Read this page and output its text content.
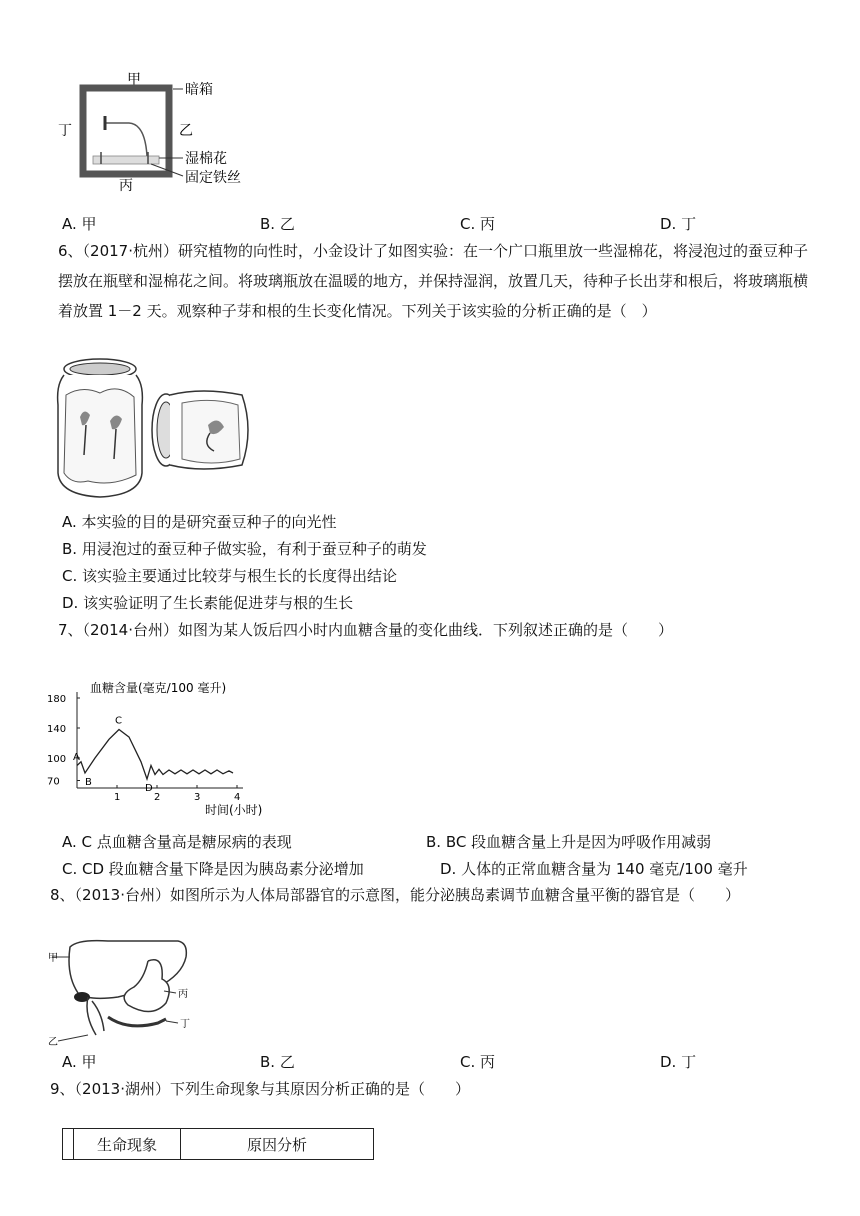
甲
丁	乙
丙
暗箱
湿棉花
固定铁丝
A. 甲	B. 乙	C. 丙	D. 丁
6、（2017·杭州）研究植物的向性时，小金设计了如图实验：在一个广口瓶里放一些湿棉花，将浸泡过的蚕豆种子摆放在瓶壁和湿棉花之间。将玻璃瓶放在温暖的地方，并保持湿润，放置几天，待种子长出芽和根后，将玻璃瓶横着放置 1－2 天。观察种子芽和根的生长变化情况。下列关于该实验的分析正确的是（　）
A. 本实验的目的是研究蚕豆种子的向光性
B. 用浸泡过的蚕豆种子做实验，有利于蚕豆种子的萌发
C. 该实验主要通过比较芽与根生长的长度得出结论
D. 该实验证明了生长素能促进芽与根的生长
7、（2014·台州）如图为某人饭后四小时内血糖含量的变化曲线．下列叙述正确的是（　　）
血糖含量(毫克/100 毫升)
时间(小时)
1	2	3	4
180
140
100
70
A
B
C
D
A. C 点血糖含量高是糖尿病的表现	B. BC 段血糖含量上升是因为呼吸作用减弱
C. CD 段血糖含量下降是因为胰岛素分泌增加	D. 人体的正常血糖含量为 140 毫克/100 毫升
8、（2013·台州）如图所示为人体局部器官的示意图，能分泌胰岛素调节血糖含量平衡的器官是（　　）
甲
乙
丙
丁
A. 甲	B. 乙	C. 丙	D. 丁
9、（2013·湖州）下列生命现象与其原因分析正确的是（　　）
	生命现象	原因分析
